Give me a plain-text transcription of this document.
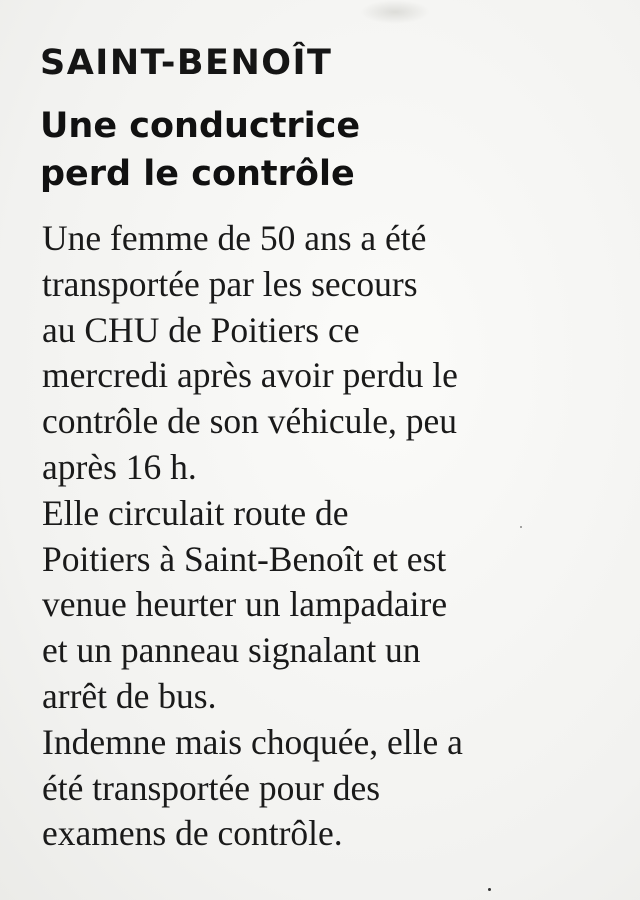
SAINT-BENOÎT
Une conductrice
perd le contrôle
Une femme de 50 ans a été
transportée par les secours
au CHU de Poitiers ce
mercredi après avoir perdu le
contrôle de son véhicule, peu
après 16 h.
Elle circulait route de
Poitiers à Saint-Benoît et est
venue heurter un lampadaire
et un panneau signalant un
arrêt de bus.
Indemne mais choquée, elle a
été transportée pour des
examens de contrôle.
